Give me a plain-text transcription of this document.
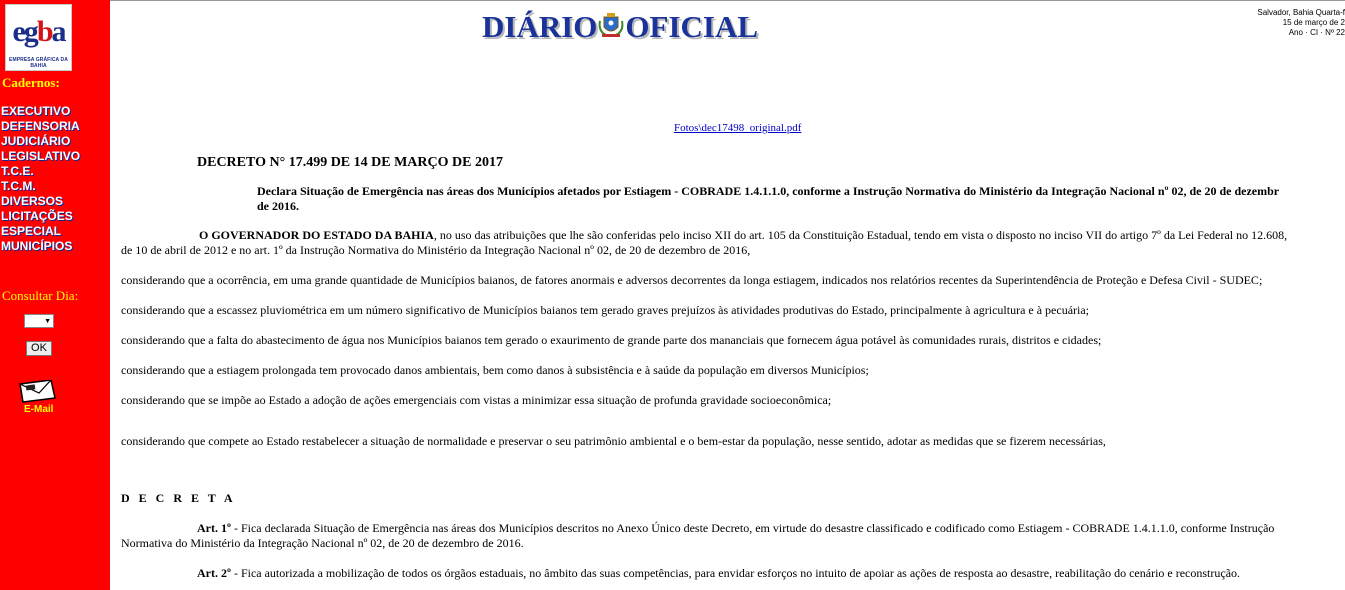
egba
EMPRESA GRÁFICA DA BAHIA
Cadernos:
EXECUTIVO
DEFENSORIA
JUDICIÁRIO
LEGISLATIVO
T.C.E.
T.C.M.
DIVERSOS
LICITAÇÕES
ESPECIAL
MUNICÍPIOS
Consultar Dia:
▼
OK
E-Mail
DIÁRIO OFICIAL	Salvador, Bahia Quarta-f
15 de março de 2
Ano · CI · Nº 22
Fotos\dec17498_original.pdf
DECRETO N° 17.499 DE 14 DE MARÇO DE 2017
Declara Situação de Emergência nas áreas dos Municípios afetados por Estiagem - COBRADE 1.4.1.1.0, conforme a Instrução Normativa do Ministério da Integração Nacional nº 02, de 20 de dezembr
de 2016.
O GOVERNADOR DO ESTADO DA BAHIA, no uso das atribuições que lhe são conferidas pelo inciso XII do art. 105 da Constituição Estadual, tendo em vista o disposto no inciso VII do artigo 7º da Lei Federal no 12.608,
de 10 de abril de 2012 e no art. 1º da Instrução Normativa do Ministério da Integração Nacional nº 02, de 20 de dezembro de 2016,
considerando que a ocorrência, em uma grande quantidade de Municípios baianos, de fatores anormais e adversos decorrentes da longa estiagem, indicados nos relatórios recentes da Superintendência de Proteção e Defesa Civil - SUDEC;
considerando que a escassez pluviométrica em um número significativo de Municípios baianos tem gerado graves prejuízos às atividades produtivas do Estado, principalmente à agricultura e à pecuária;
considerando que a falta do abastecimento de água nos Municípios baianos tem gerado o exaurimento de grande parte dos mananciais que fornecem água potável às comunidades rurais, distritos e cidades;
considerando que a estiagem prolongada tem provocado danos ambientais, bem como danos à subsistência e à saúde da população em diversos Municípios;
considerando que se impõe ao Estado a adoção de ações emergenciais com vistas a minimizar essa situação de profunda gravidade socioeconômica;
considerando que compete ao Estado restabelecer a situação de normalidade e preservar o seu patrimônio ambiental e o bem-estar da população, nesse sentido, adotar as medidas que se fizerem necessárias,
D E C R E T A
Art. 1º - Fica declarada Situação de Emergência nas áreas dos Municípios descritos no Anexo Único deste Decreto, em virtude do desastre classificado e codificado como Estiagem - COBRADE 1.4.1.1.0, conforme Instrução
Normativa do Ministério da Integração Nacional nº 02, de 20 de dezembro de 2016.
Art. 2º - Fica autorizada a mobilização de todos os órgãos estaduais, no âmbito das suas competências, para envidar esforços no intuito de apoiar as ações de resposta ao desastre, reabilitação do cenário e reconstrução.
